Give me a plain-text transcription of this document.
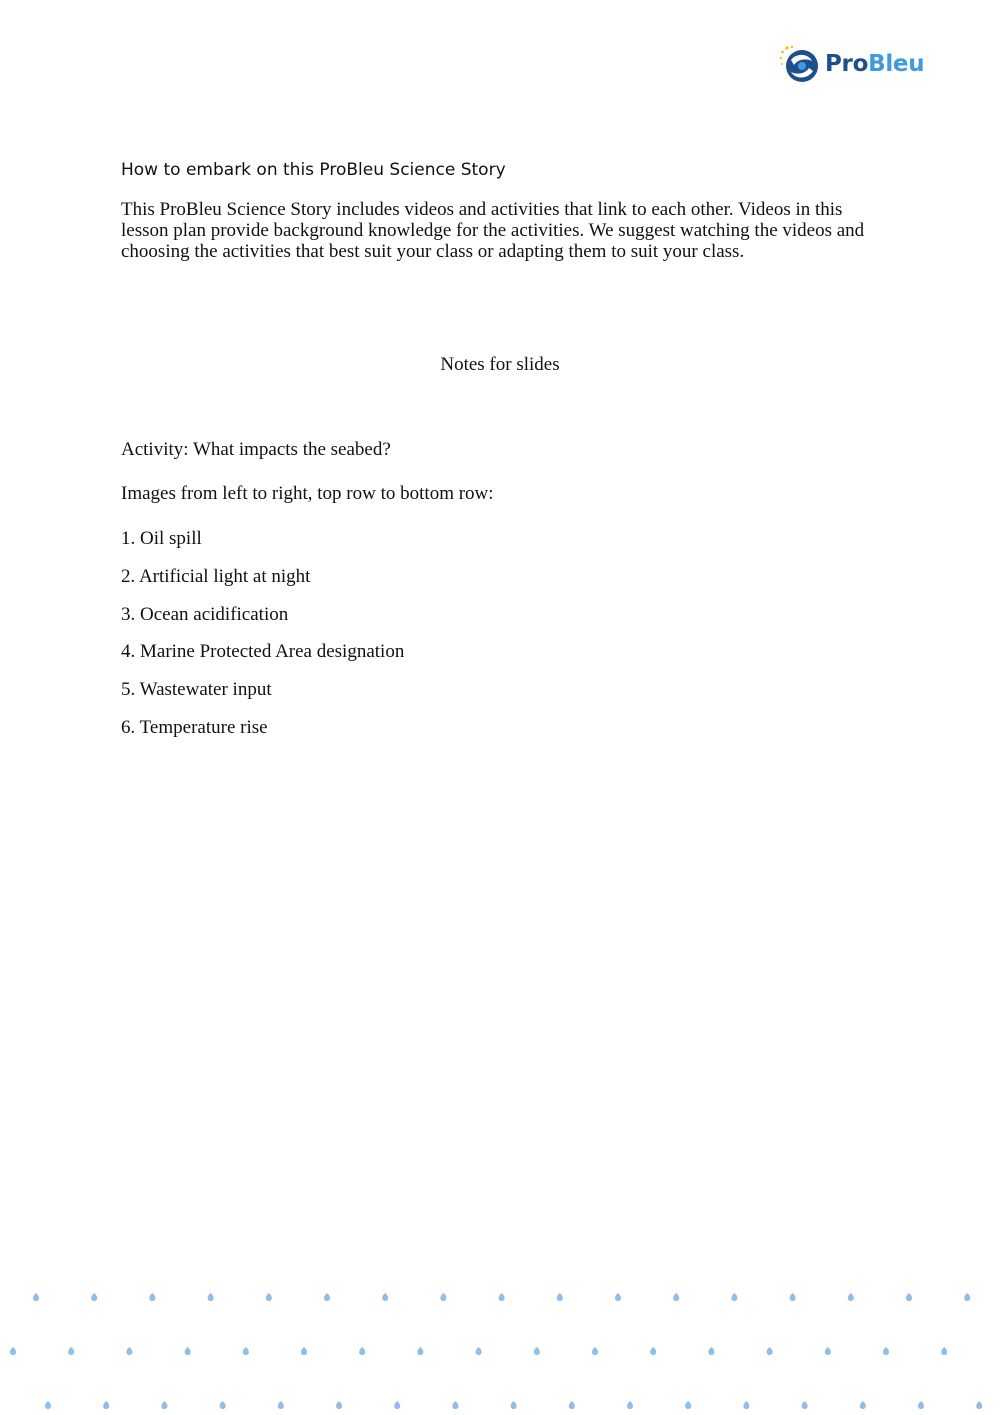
ProBleu
How to embark on this ProBleu Science Story

This ProBleu Science Story includes videos and activities that link to each other. Videos in this lesson plan provide background knowledge for the activities. We suggest watching the videos and choosing the activities that best suit your class or adapting them to suit your class.

Notes for slides

Activity: What impacts the seabed?

Images from left to right, top row to bottom row:

1. Oil spill
2. Artificial light at night
3. Ocean acidification
4. Marine Protected Area designation
5. Wastewater input
6. Temperature rise
